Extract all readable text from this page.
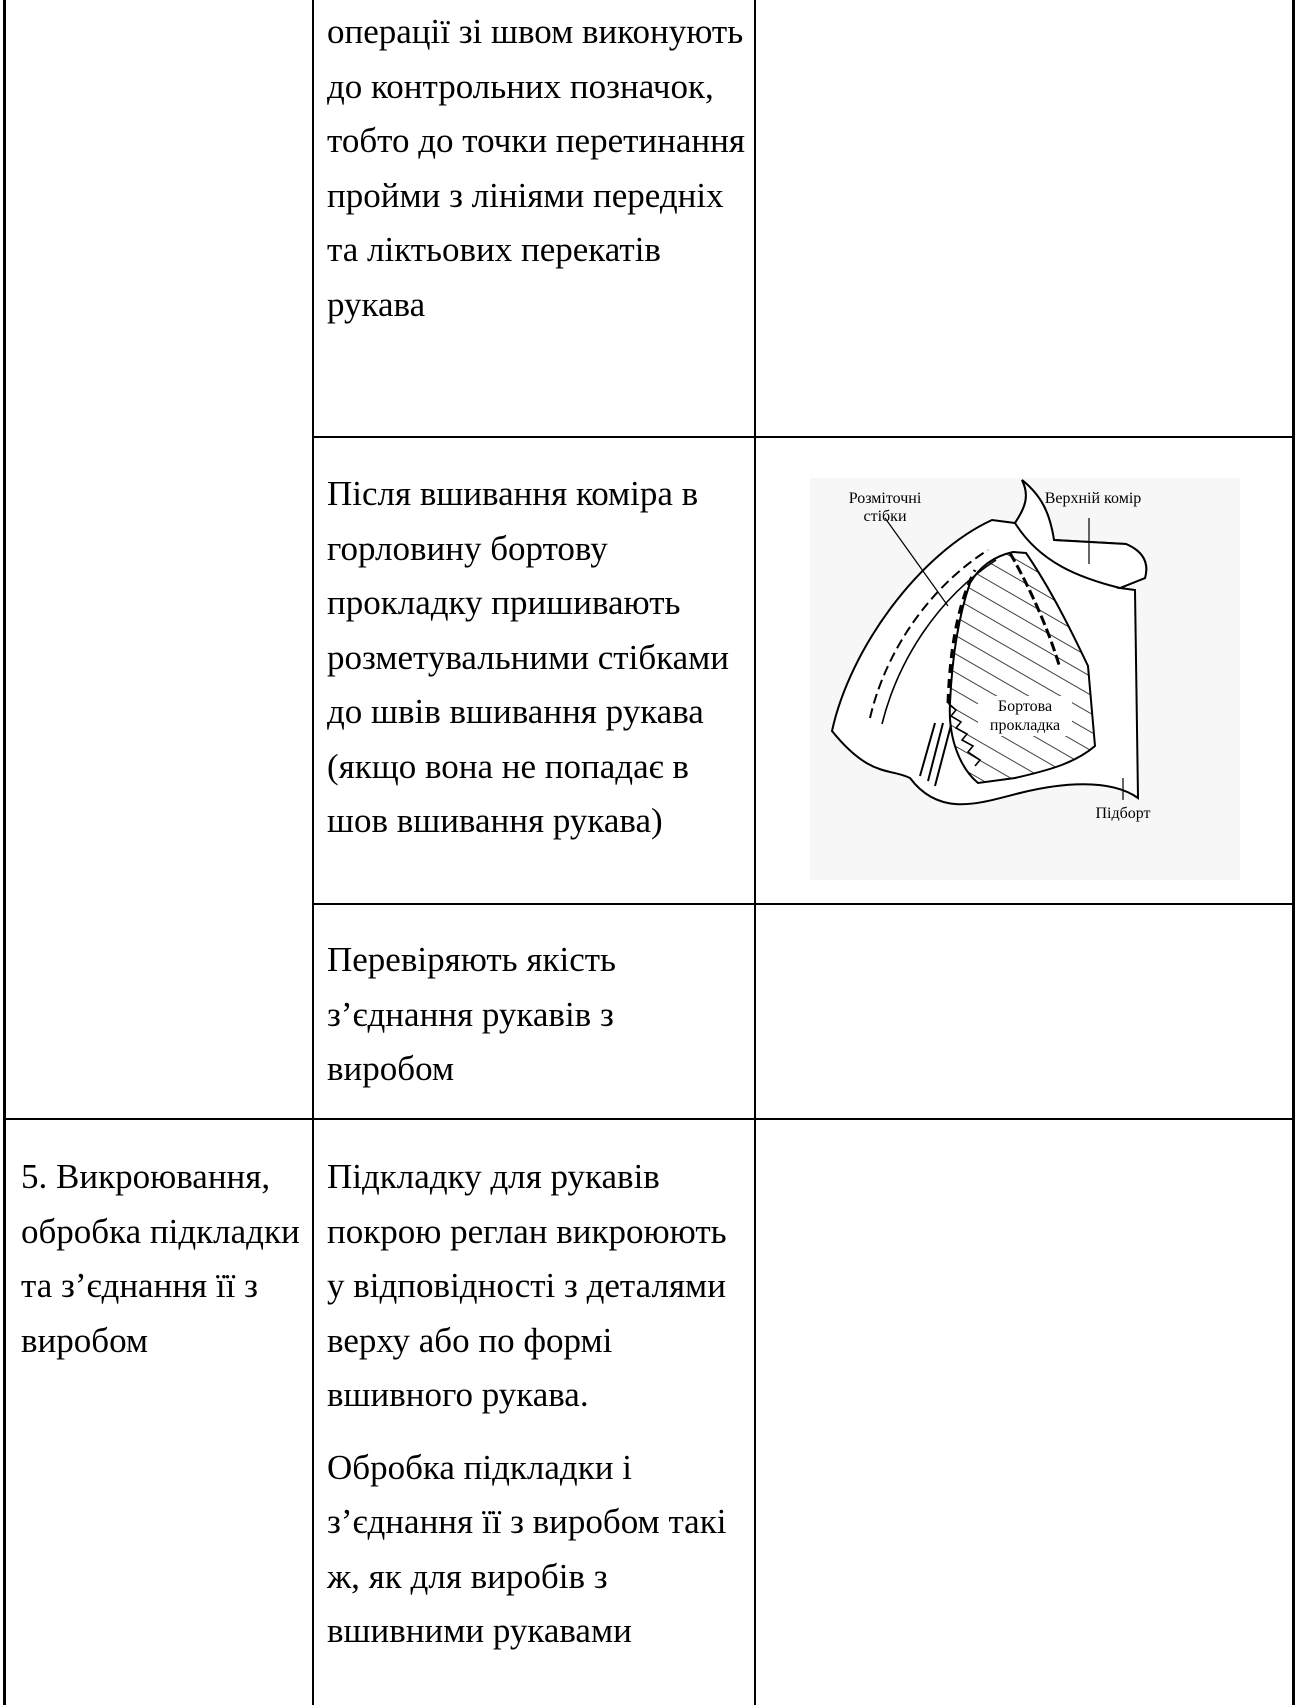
операції зі швом виконують до контрольних позначок, тобто до точки перетинання пройми з лініями передніх та ліктьових перекатів рукава
Після вшивання коміра в горловину бортову прокладку пришивають розметувальними стібками до швів вшивання рукава (якщо вона не попадає в шов вшивання рукава)
Розміточні
стібки
Верхній комір
Бортова
прокладка
Підборт
Перевіряють якість з’єднання рукавів з виробом
5. Викроювання, обробка підкладки та з’єднання її з виробом
Підкладку для рукавів покрою реглан викроюють у відповідності з деталями верху або по формі вшивного рукава.
Обробка підкладки і з’єднання її з виробом такі ж, як для виробів з вшивними рукавами
